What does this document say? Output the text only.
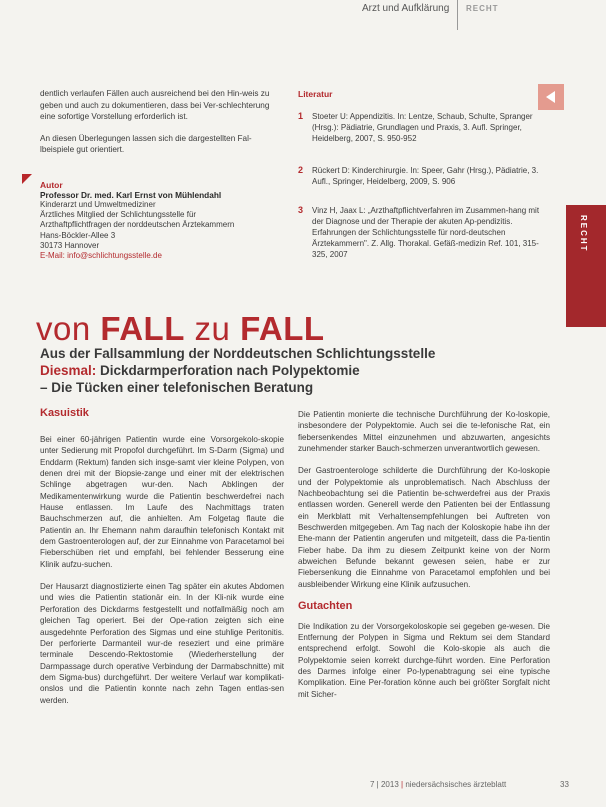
Arzt und Aufklärung RECHT
RECHT

dentlich verlaufen Fällen auch ausreichend bei den Hin-weis zu geben und auch zu dokumentieren, dass bei Ver-schlechterung eine sofortige Vorstellung erforderlich ist.

An diesen Überlegungen lassen sich die dargestellten Fal-lbeispiele gut orientiert.

Autor
Professor Dr. med. Karl Ernst von Mühlendahl
Kinderarzt und Umweltmediziner
Ärztliches Mitglied der Schlichtungsstelle für
Arzthaftpflichtfragen der norddeutschen Ärztekammern
Hans-Böckler-Allee 3
30173 Hannover
E-Mail: info@schlichtungsstelle.de
Literatur
1	Stoeter U: Appendizitis. In: Lentze, Schaub, Schulte, Spranger (Hrsg.): Pädiatrie, Grundlagen und Praxis, 3. Aufl. Springer, Heidelberg, 2007, S. 950-952
2	Rückert D: Kinderchirurgie. In: Speer, Gahr (Hrsg.), Pädiatrie, 3. Aufl., Springer, Heidelberg, 2009, S. 906
3	Vinz H, Jaax L: „Arzthaftpflichtverfahren im Zusammen-hang mit der Diagnose und der Therapie der akuten Ap-pendizitis. Erfahrungen der Schlichtungsstelle für nord-deutschen Ärztekammern". Z. Allg. Thorakal. Gefäß-medizin Ref. 101, 315-325, 2007
von FALL zu FALL
Aus der Fallsammlung der Norddeutschen Schlichtungsstelle
Diesmal: Dickdarmperforation nach Polypektomie
– Die Tücken einer telefonischen Beratung
Kasuistik

Bei einer 60-jährigen Patientin wurde eine Vorsorgekolo-skopie unter Sedierung mit Propofol durchgeführt. Im S-Darm (Sigma) und Enddarm (Rektum) fanden sich insge-samt vier kleine Polypen, von denen drei mit der Biopsie-zange und einer mit der elektrischen Schlinge abgetragen wur-den. Nach Abklingen der Medikamentenwirkung wurde die Patientin beschwerdefrei nach Hause entlassen. Im Laufe des Nachmittags traten Bauchschmerzen auf, die anhielten. Am Folgetag flaute die Patientin an. Ihr Ehemann nahm daraufhin telefonisch Kontakt mit dem Gastroenterologen auf, der zur Einnahme von Paracetamol bei Fieberschüben riet und empfahl, bei fehlender Besserung eine Klinik aufzu-suchen.

Der Hausarzt diagnostizierte einen Tag später ein akutes Abdomen und wies die Patientin stationär ein. In der Kli-nik wurde eine Perforation des Dickdarms festgestellt und notfallmäßig noch am gleichen Tag operiert. Bei der Ope-ration zeigten sich eine ausgedehnte Perforation des Sigmas und eine stuhlige Peritonitis. Der perforierte Darmanteil wur-de reseziert und eine primäre terminale Descendo-Rektostomie (Wiederherstellung der Darmpassage durch operative Verbindung der Darmabschnitte) mit dem Sigma-bus) durchgeführt. Der weitere Verlauf war komplikati-onslos und die Patientin konnte nach zehn Tagen entlas-sen werden.

Die Patientin monierte die technische Durchführung der Ko-loskopie, insbesondere der Polypektomie. Auch sei die te-lefonische Rat, ein fiebersenkendes Mittel einzunehmen und abzuwarten, angesichts zunehmender starker Bauch-schmerzen unverantwortlich gewesen.

Der Gastroenterologe schilderte die Durchführung der Ko-loskopie und der Polypektomie als unproblematisch. Nach Abschluss der Nachbeobachtung sei die Patientin be-schwerdefrei aus der Praxis entlassen worden. Generell werde den Patienten bei der Entlassung ein Merkblatt mit Verhaltensempfehlungen bei Auftreten von Beschwerden mitgegeben. Am Tag nach der Koloskopie habe ihn der Ehe-mann der Patientin angerufen und mitgeteilt, dass die Pa-tientin Fieber habe. Da ihm zu diesem Zeitpunkt keine von der Norm abweichen Befunde bekannt gewesen seien, habe er zur Fiebersenkung die Einnahme von Paracetamol empfohlen und bei ausbleibender Wirkung eine Klinik aufzusuchen.

Gutachten

Die Indikation zu der Vorsorgekoloskopie sei gegeben ge-wesen. Die Entfernung der Polypen in Sigma und Rektum sei dem Standard entsprechend erfolgt. Sowohl die Kolo-skopie als auch die Polypektomie seien korrekt durchge-führt worden. Eine Perforation des Darmes infolge einer Po-lypenabtragung sei eine typische Komplikation. Eine Per-foration könne auch bei größter Sorgfalt nicht mit Sicher-

7 | 2013 | niedersächsisches ärzteblatt	33
